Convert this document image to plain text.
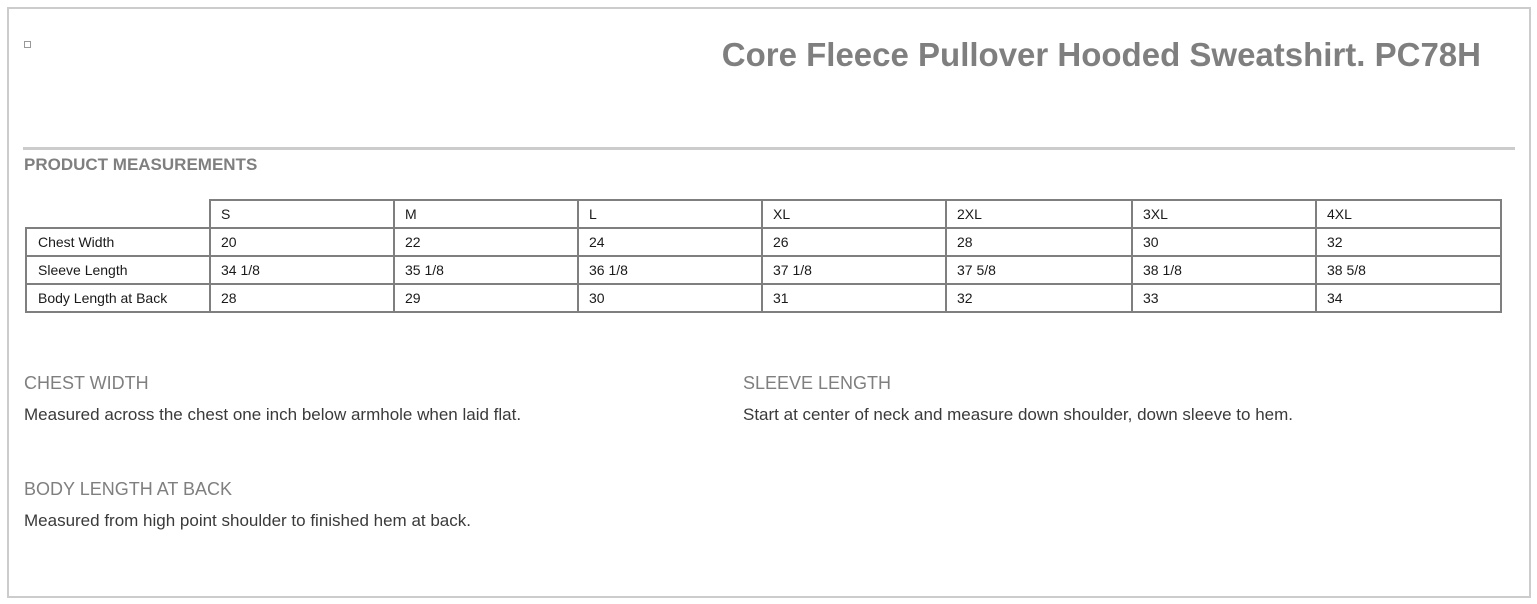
Core Fleece Pullover Hooded Sweatshirt. PC78H
PRODUCT MEASUREMENTS
	S	M	L	XL	2XL	3XL	4XL
Chest Width	20	22	24	26	28	30	32
Sleeve Length	34 1/8	35 1/8	36 1/8	37 1/8	37 5/8	38 1/8	38 5/8
Body Length at Back	28	29	30	31	32	33	34
CHEST WIDTH
Measured across the chest one inch below armhole when laid flat.
SLEEVE LENGTH
Start at center of neck and measure down shoulder, down sleeve to hem.
BODY LENGTH AT BACK
Measured from high point shoulder to finished hem at back.
